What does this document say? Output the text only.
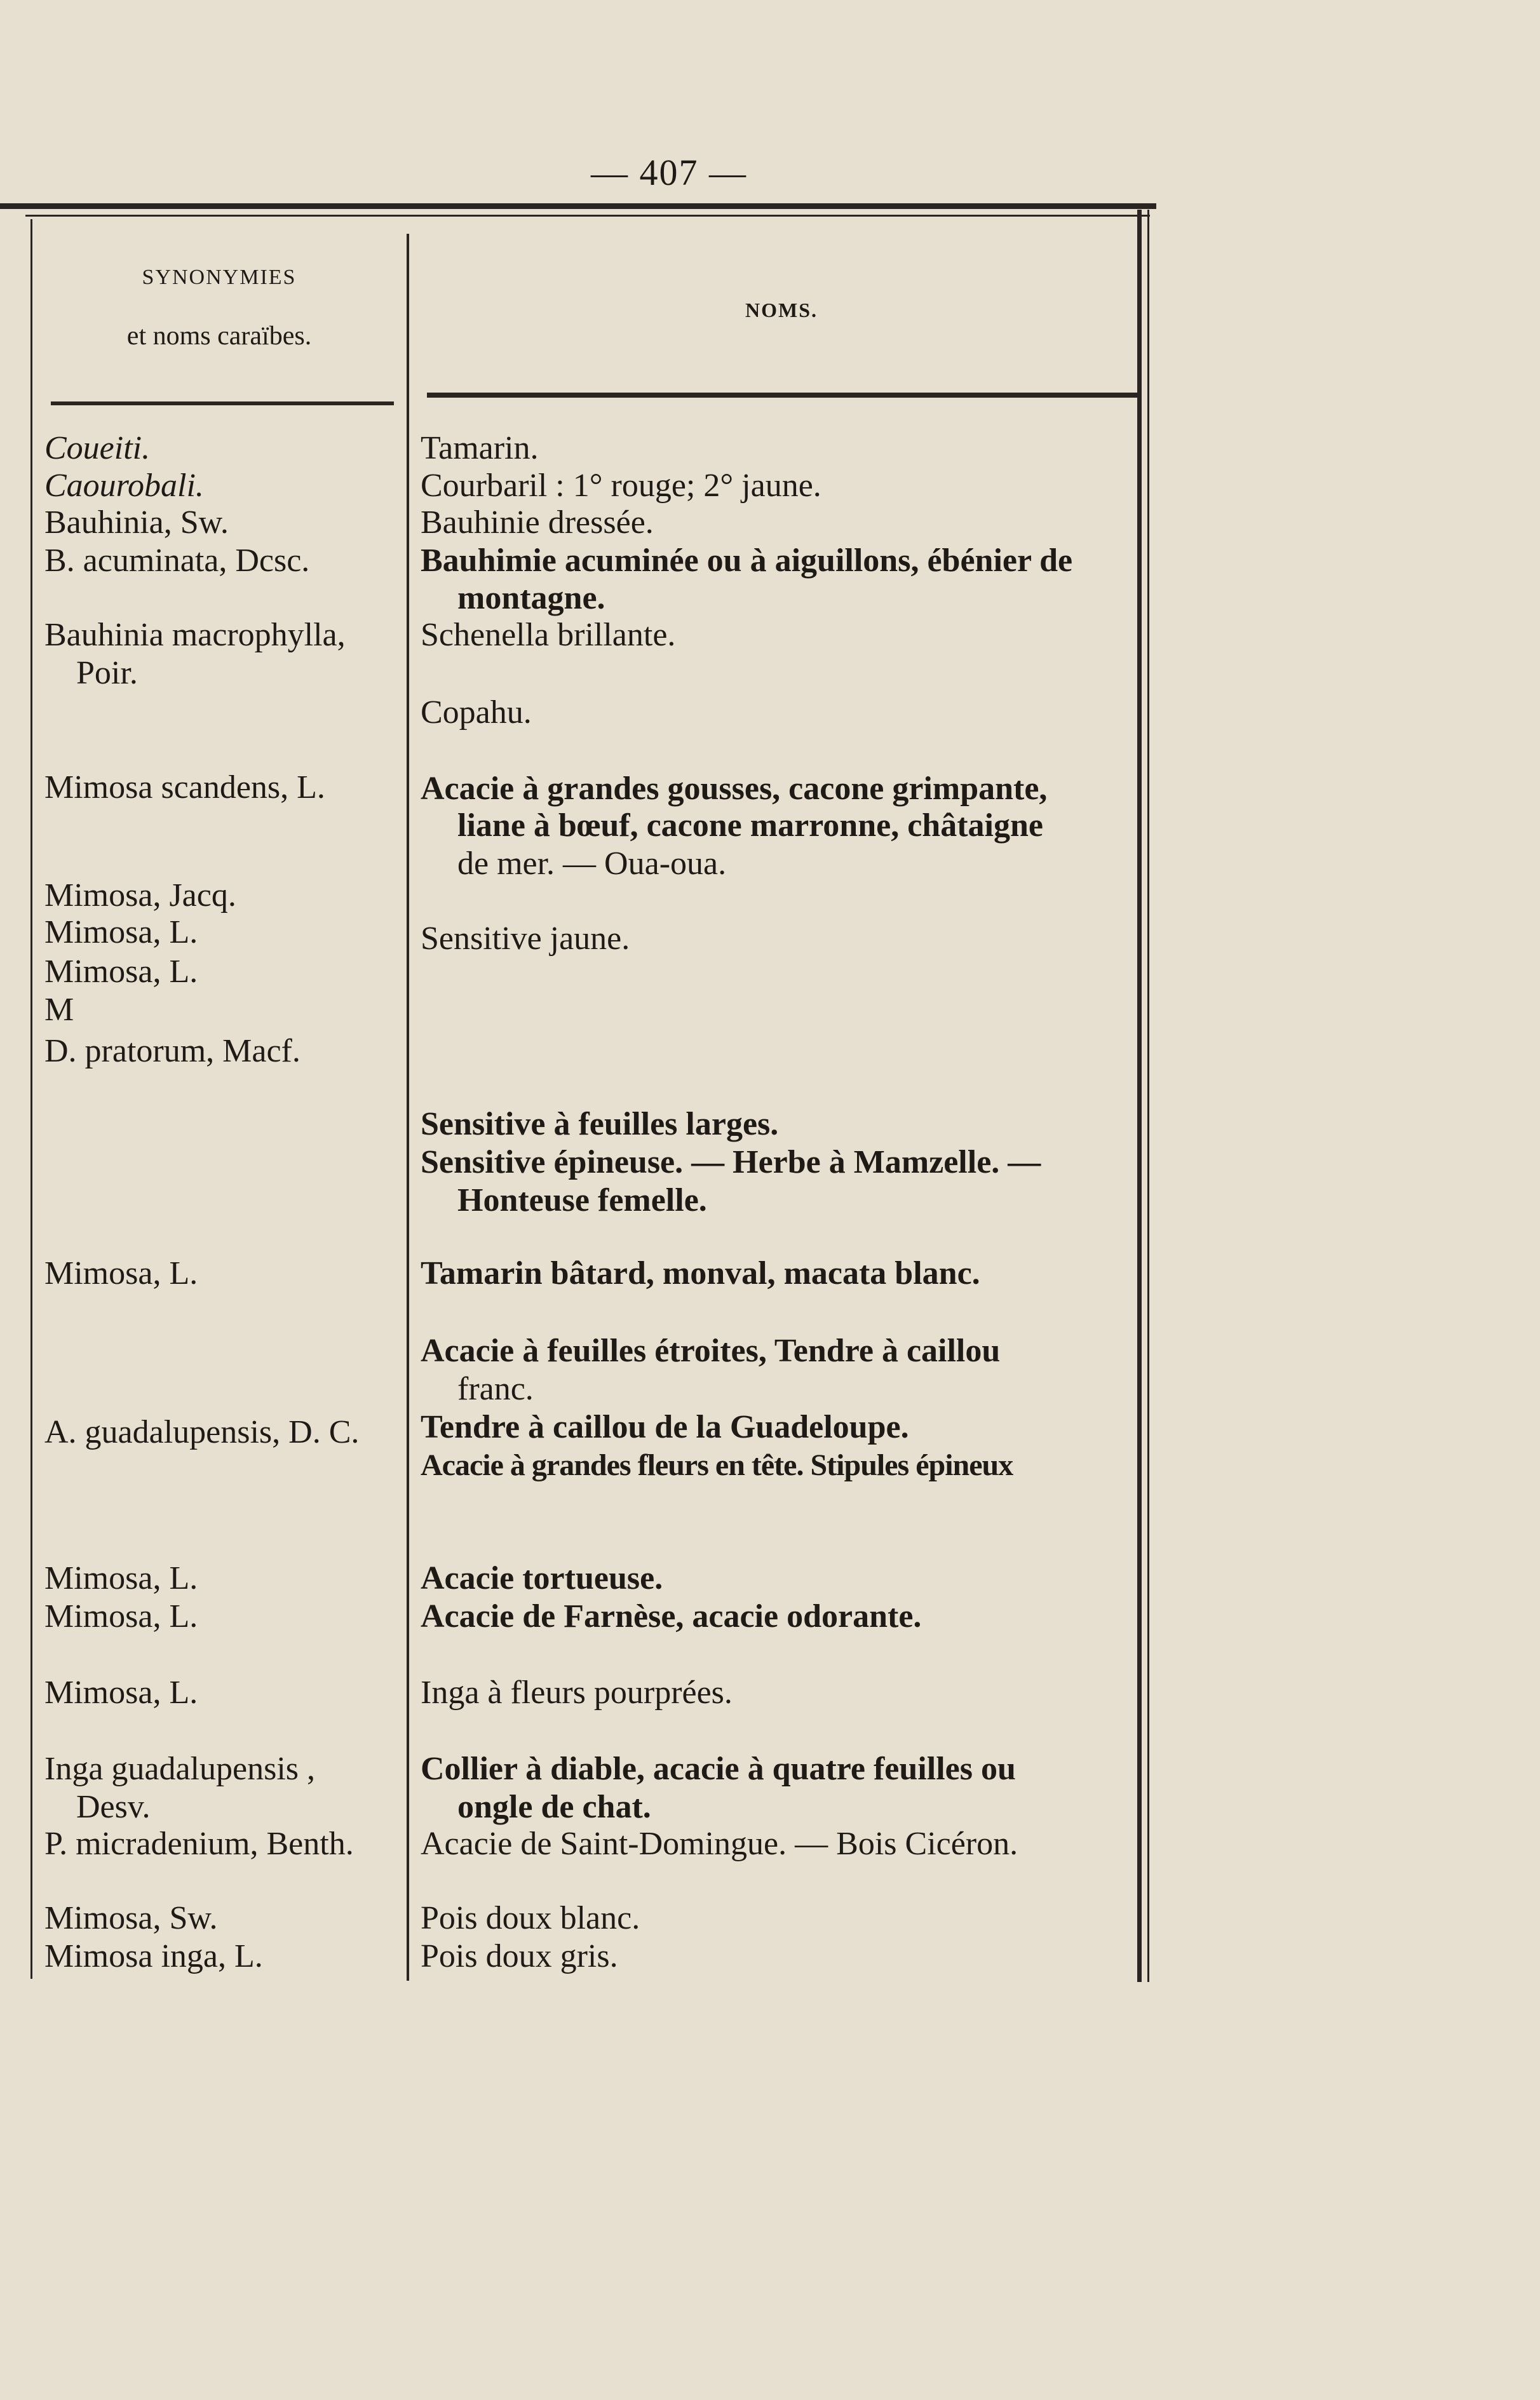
— 407 —
SYNONYMIES
et noms caraïbes.
NOMS.
Coueiti.
Caourobali.
Bauhinia, Sw.
B. acuminata, Dcsc.
Bauhinia macrophylla,
Poir.
Mimosa scandens, L.
Mimosa, Jacq.
Mimosa, L.
Mimosa, L.
M
D. pratorum, Macf.
Mimosa, L.
A. guadalupensis, D. C.
Mimosa, L.
Mimosa, L.
Mimosa, L.
Inga guadalupensis ,
Desv.
P. micradenium, Benth.
Mimosa, Sw.
Mimosa inga, L.
Tamarin.
Courbaril : 1° rouge; 2° jaune.
Bauhinie dressée.
Bauhimie acuminée ou à aiguillons, ébénier de
montagne.
Schenella brillante.
Copahu.
Acacie à grandes gousses, cacone grimpante,
liane à bœuf, cacone marronne, châtaigne
de mer. — Oua-oua.
Sensitive jaune.
Sensitive à feuilles larges.
Sensitive épineuse. — Herbe à Mamzelle. —
Honteuse femelle.
Tamarin bâtard, monval, macata blanc.
Acacie à feuilles étroites, Tendre à caillou
franc.
Tendre à caillou de la Guadeloupe.
Acacie à grandes fleurs en tête. Stipules épineux
Acacie tortueuse.
Acacie de Farnèse, acacie odorante.
Inga à fleurs pourprées.
Collier à diable, acacie à quatre feuilles ou
ongle de chat.
Acacie de Saint-Domingue. — Bois Cicéron.
Pois doux blanc.
Pois doux gris.
